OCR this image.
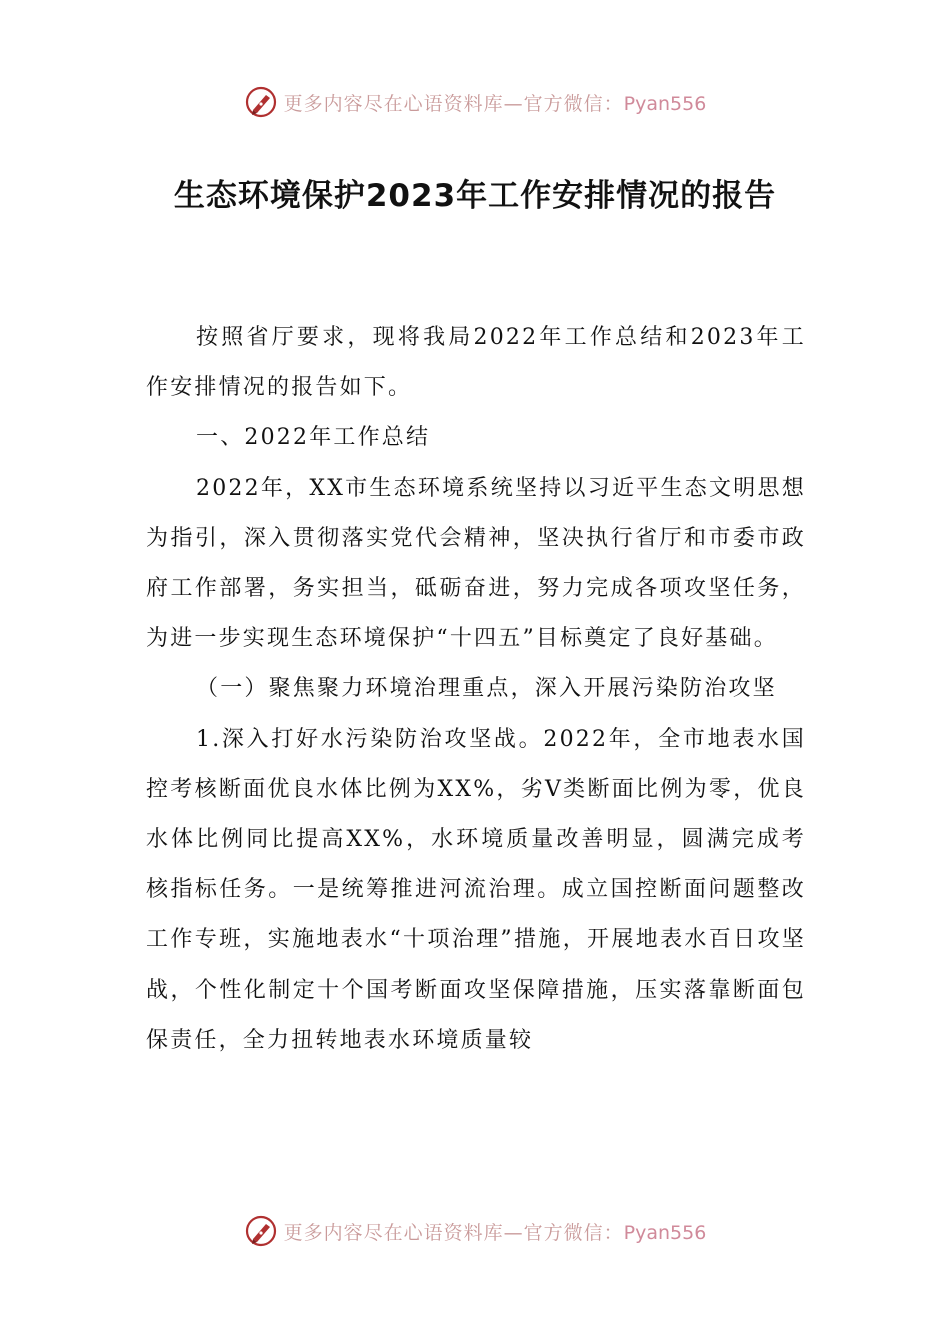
更多内容尽在心语资料库—官方微信：Pyan556
生态环境保护2023年工作安排情况的报告

按照省厅要求，现将我局2022年工作总结和2023年工作安排情况的报告如下。

一、2022年工作总结

2022年，XX市生态环境系统坚持以习近平生态文明思想为指引，深入贯彻落实党代会精神，坚决执行省厅和市委市政府工作部署，务实担当，砥砺奋进，努力完成各项攻坚任务，为进一步实现生态环境保护“十四五”目标奠定了良好基础。

（一）聚焦聚力环境治理重点，深入开展污染防治攻坚

1.深入打好水污染防治攻坚战。2022年，全市地表水国控考核断面优良水体比例为XX%，劣Ⅴ类断面比例为零，优良水体比例同比提高XX%，水环境质量改善明显，圆满完成考核指标任务。一是统筹推进河流治理。成立国控断面问题整改工作专班，实施地表水“十项治理”措施，开展地表水百日攻坚战，个性化制定十个国考断面攻坚保障措施，压实落靠断面包保责任，全力扭转地表水环境质量较

更多内容尽在心语资料库—官方微信：Pyan556
